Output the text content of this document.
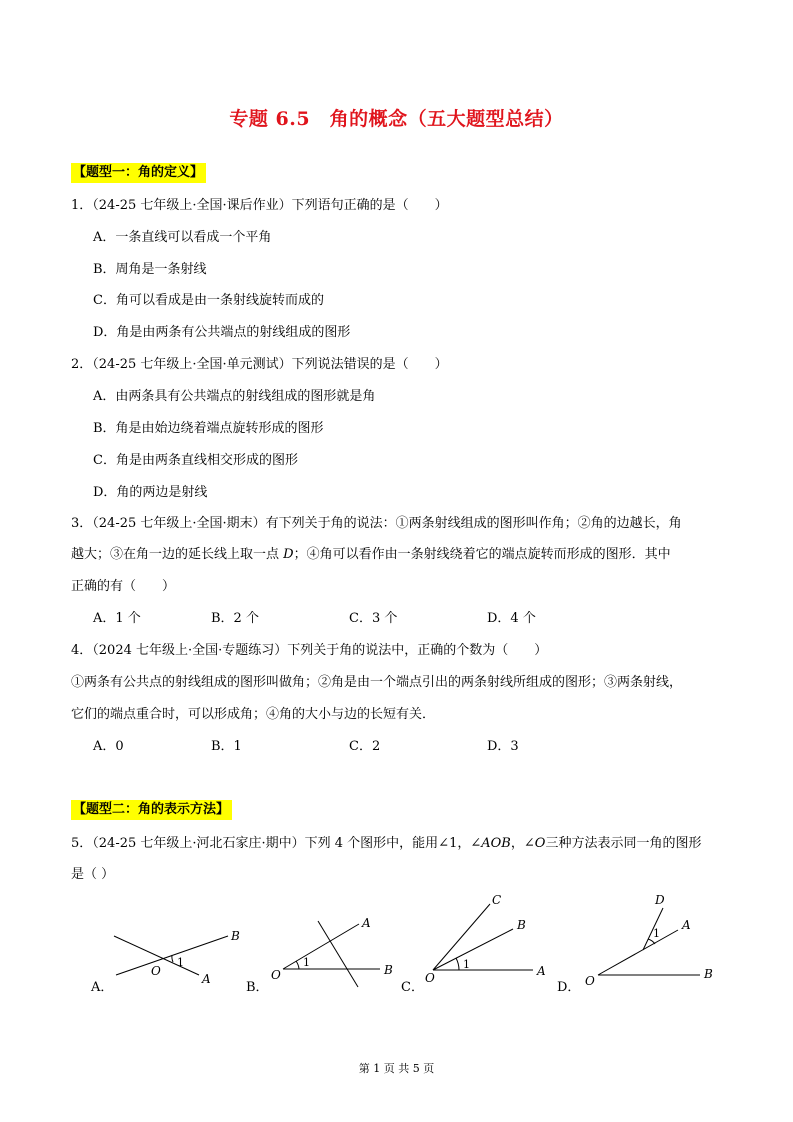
专题 6.5　角的概念（五大题型总结）
【题型一：角的定义】
1．（24-25 七年级上·全国·课后作业）下列语句正确的是（　　）
A．一条直线可以看成一个平角
B．周角是一条射线
C．角可以看成是由一条射线旋转而成的
D．角是由两条有公共端点的射线组成的图形
2．（24-25 七年级上·全国·单元测试）下列说法错误的是（　　）
A．由两条具有公共端点的射线组成的图形就是角
B．角是由始边绕着端点旋转形成的图形
C．角是由两条直线相交形成的图形
D．角的两边是射线
3．（24-25 七年级上·全国·期末）有下列关于角的说法：①两条射线组成的图形叫作角；②角的边越长，角
越大；③在角一边的延长线上取一点 D；④角可以看作由一条射线绕着它的端点旋转而形成的图形．其中
正确的有（　　）
A．1 个	B．2 个	C．3 个	D．4 个
4．（2024 七年级上·全国·专题练习）下列关于角的说法中，正确的个数为（　　）
①两条有公共点的射线组成的图形叫做角；②角是由一个端点引出的两条射线所组成的图形；③两条射线，
它们的端点重合时，可以形成角；④角的大小与边的长短有关．
A．0	B．1	C．2	D．3
【题型二：角的表示方法】
5．（24-25 七年级上·河北石家庄·期中）下列 4 个图形中，能用∠1，∠AOB，∠O三种方法表示同一角的图形
是（ ）
A．	B．	C．	D．
B
O
1
A
A
O
1
B
C
B
O
1	A
D
A
1
O	B
第 1 页 共 5 页
